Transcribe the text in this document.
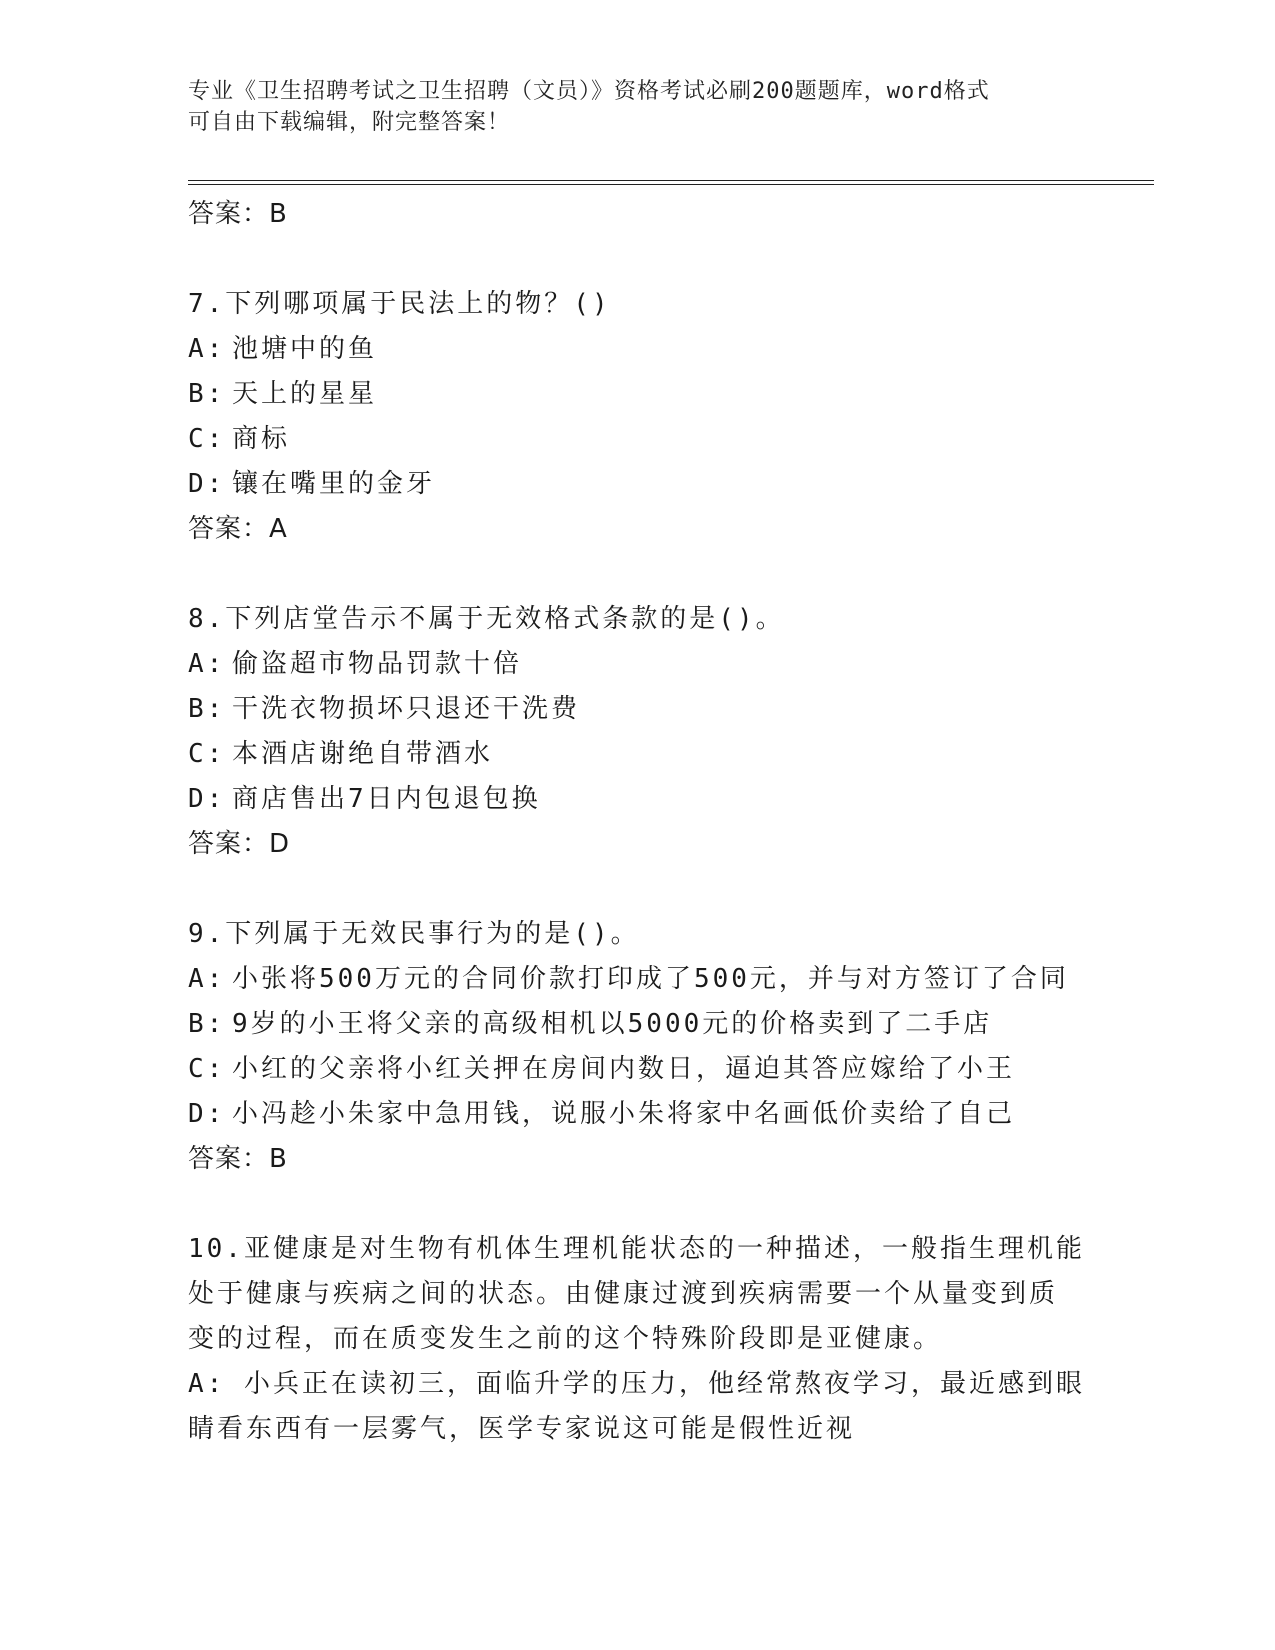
专业《卫生招聘考试之卫生招聘（文员）》资格考试必刷200题题库，word格式
可自由下载编辑，附完整答案！
答案：B
7.下列哪项属于民法上的物？()
A: 池塘中的鱼
B: 天上的星星
C: 商标
D: 镶在嘴里的金牙
答案：A
8.下列店堂告示不属于无效格式条款的是()。
A: 偷盗超市物品罚款十倍
B: 干洗衣物损坏只退还干洗费
C: 本酒店谢绝自带酒水
D: 商店售出7日内包退包换
答案：D
9.下列属于无效民事行为的是()。
A: 小张将500万元的合同价款打印成了500元，并与对方签订了合同
B: 9岁的小王将父亲的高级相机以5000元的价格卖到了二手店
C: 小红的父亲将小红关押在房间内数日，逼迫其答应嫁给了小王
D: 小冯趁小朱家中急用钱，说服小朱将家中名画低价卖给了自己
答案：B
10.亚健康是对生物有机体生理机能状态的一种描述，一般指生理机能
处于健康与疾病之间的状态。由健康过渡到疾病需要一个从量变到质
变的过程，而在质变发生之前的这个特殊阶段即是亚健康。
A: 小兵正在读初三，面临升学的压力，他经常熬夜学习，最近感到眼
睛看东西有一层雾气，医学专家说这可能是假性近视
